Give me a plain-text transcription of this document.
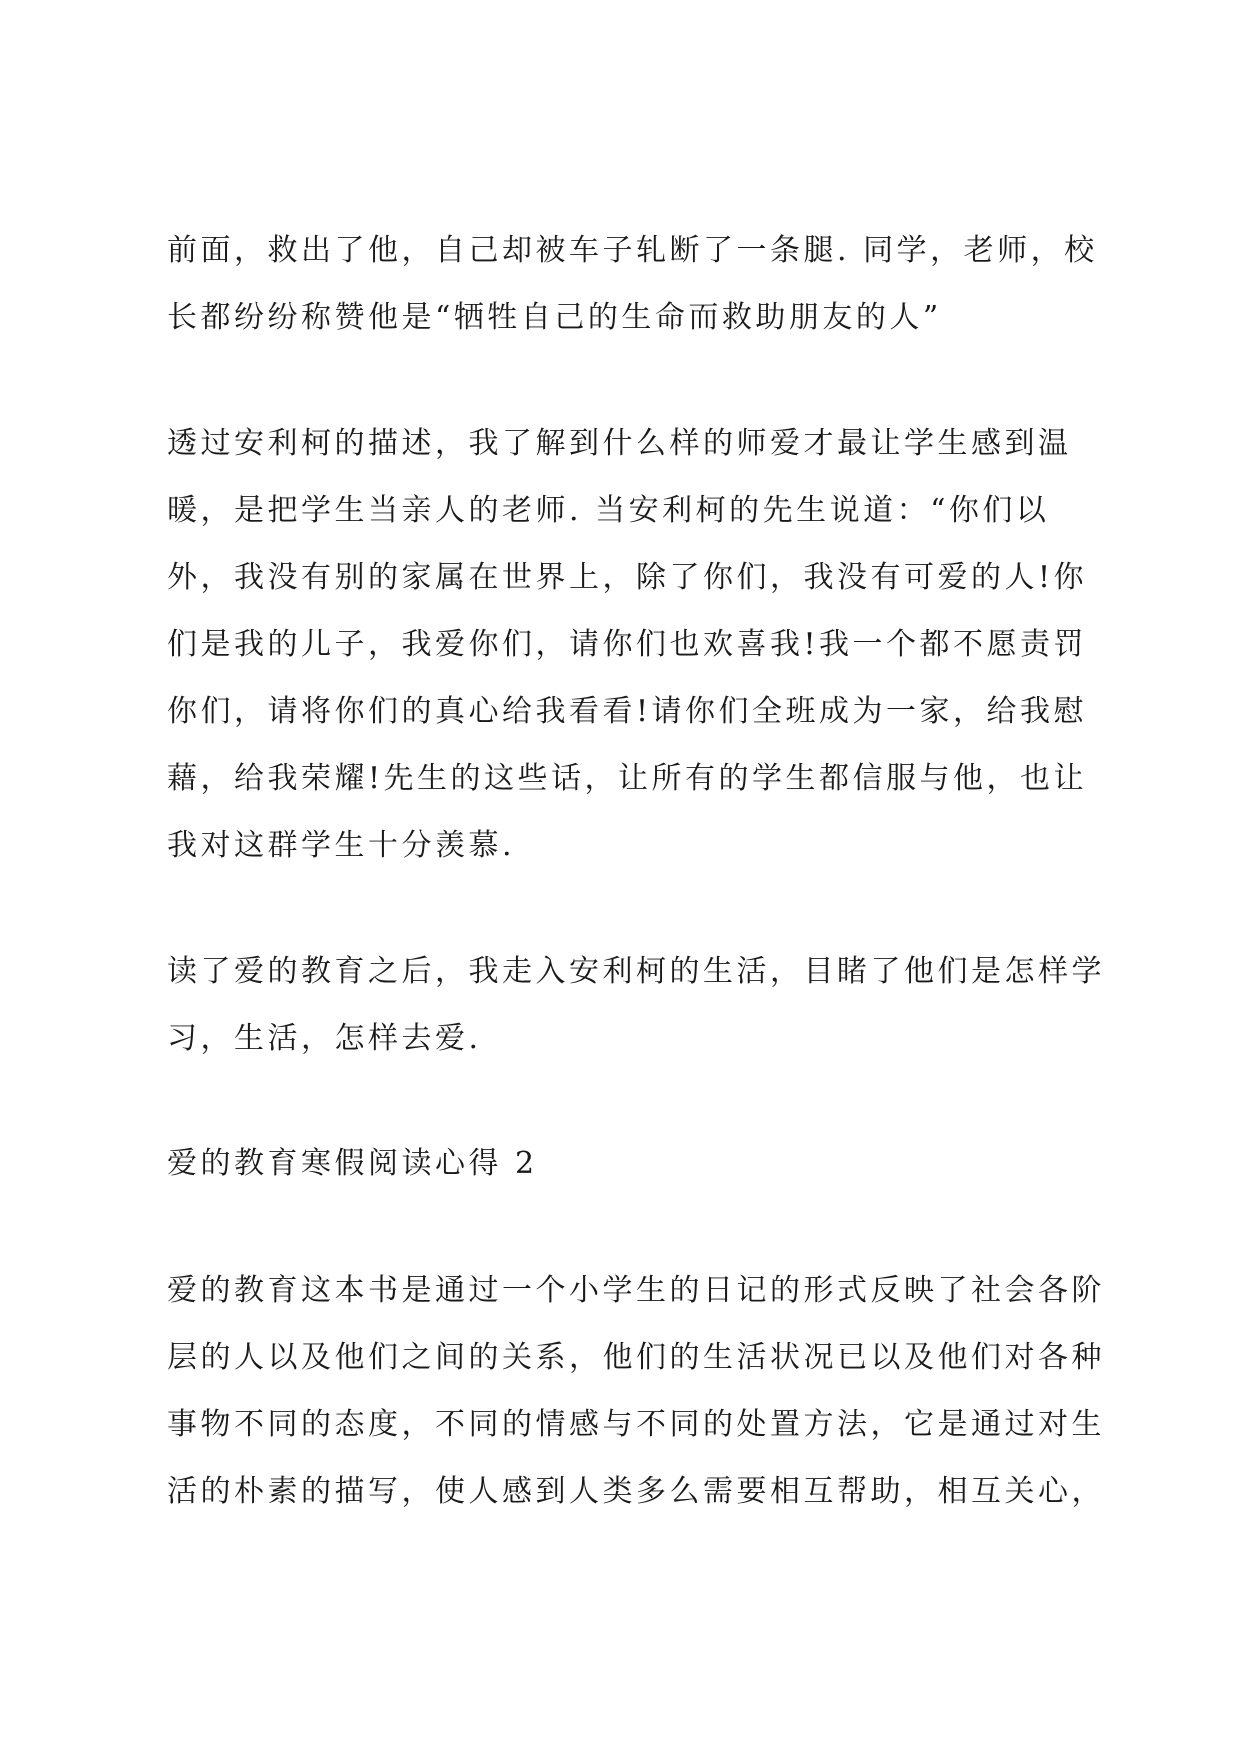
前面，救出了他，自己却被车子轧断了一条腿. 同学，老师，校
长都纷纷称赞他是“牺牲自己的生命而救助朋友的人”
透过安利柯的描述，我了解到什么样的师爱才最让学生感到温
暖，是把学生当亲人的老师. 当安利柯的先生说道：“你们以
外，我没有别的家属在世界上，除了你们，我没有可爱的人!你
们是我的儿子，我爱你们，请你们也欢喜我!我一个都不愿责罚
你们，请将你们的真心给我看看!请你们全班成为一家，给我慰
藉，给我荣耀!先生的这些话，让所有的学生都信服与他，也让
我对这群学生十分羡慕.
读了爱的教育之后，我走入安利柯的生活，目睹了他们是怎样学
习，生活，怎样去爱.
爱的教育寒假阅读心得 2
爱的教育这本书是通过一个小学生的日记的形式反映了社会各阶
层的人以及他们之间的关系，他们的生活状况已以及他们对各种
事物不同的态度，不同的情感与不同的处置方法，它是通过对生
活的朴素的描写，使人感到人类多么需要相互帮助，相互关心，
